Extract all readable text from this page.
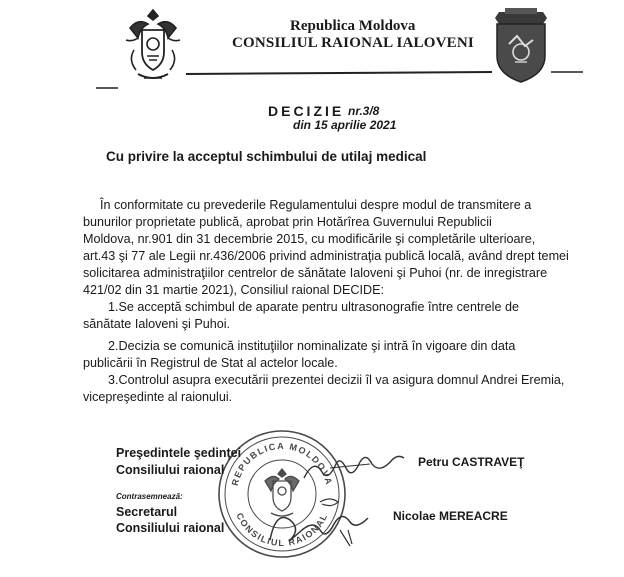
Republica Moldova
CONSILIUL RAIONAL IALOVENI
DECIZIE nr.3/8
din 15 aprilie 2021
Cu privire la acceptul schimbului de utilaj medical
În conformitate cu prevederile Regulamentului despre modul de transmitere a
bunurilor proprietate publică, aprobat prin Hotărîrea Guvernului Republicii
Moldova, nr.901 din 31 decembrie 2015, cu modificările şi completările ulterioare,
art.43 şi 77 ale Legii nr.436/2006 privind administraţia publică locală, având drept temei
solicitarea administraţiilor centrelor de sănătate Ialoveni şi Puhoi (nr. de inregistrare
421/02 din 31 martie 2021), Consiliul raional DECIDE:
1.Se acceptă schimbul de aparate pentru ultrasonografie între centrele de
sănătate Ialoveni şi Puhoi.
2.Decizia se comunică instituţiilor nominalizate şi intră în vigoare din data
publicării în Registrul de Stat al actelor locale.
3.Controlul asupra executării prezentei decizii îl va asigura domnul Andrei Eremia,
vicepreşedinte al raionului.
REPUBLICA MOLDOVA
CONSILIUL RAIONAL
Preşedintele şedinţei
Consiliului raional
Petru CASTRAVEŢ
Contrasemnează:
Secretarul
Consiliului raional
Nicolae MEREACRE
